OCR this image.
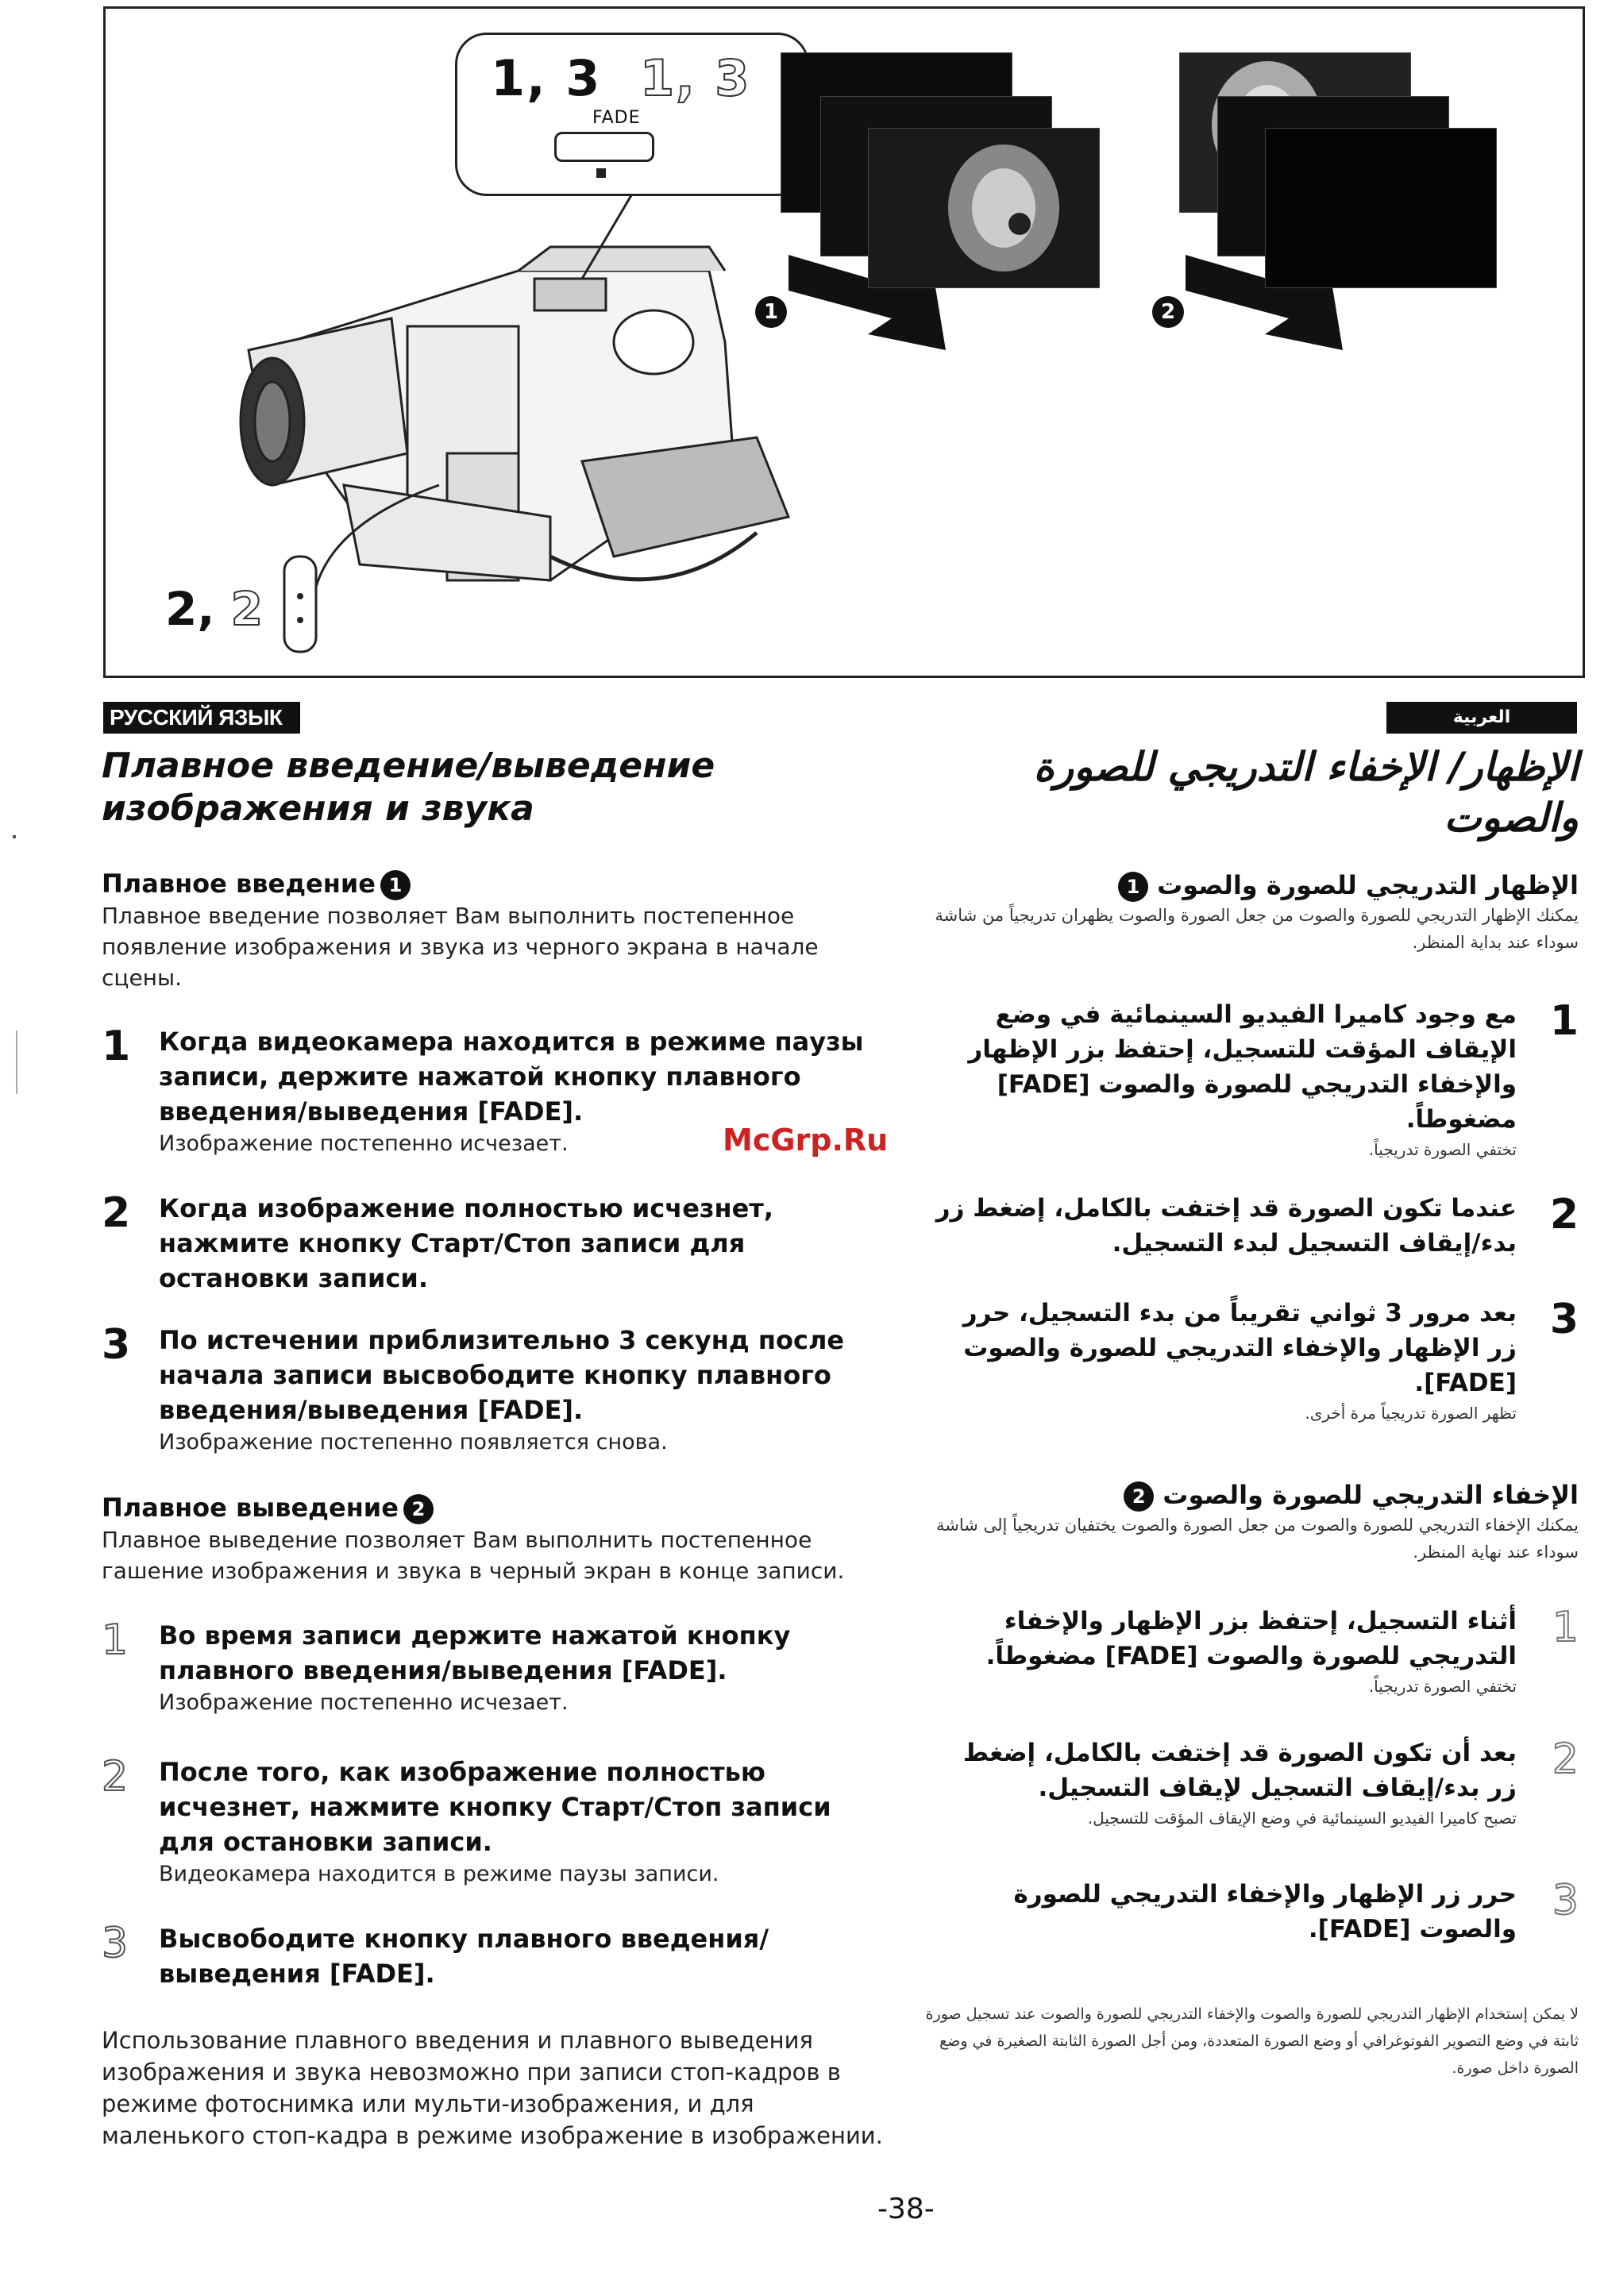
1, 3 1, 3
FADE
2, 2
1	2
РУССКИЙ ЯЗЫК	العربية
Плавное введение/выведение
изображения и звука
Плавное введение 1
Плавное введение позволяет Вам выполнить постепенное появление изображения и звука из черного экрана в начале сцены.
1 Когда видеокамера находится в режиме паузы записи, держите нажатой кнопку плавного введения/выведения [FADE].
Изображение постепенно исчезает.
2 Когда изображение полностью исчезнет, нажмите кнопку Старт/Стоп записи для остановки записи.
3 По истечении приблизительно 3 секунд после начала записи высвободите кнопку плавного введения/выведения [FADE].
Изображение постепенно появляется снова.
Плавное выведение 2
Плавное выведение позволяет Вам выполнить постепенное гашение изображения и звука в черный экран в конце записи.
1 Во время записи держите нажатой кнопку плавного введения/выведения [FADE].
Изображение постепенно исчезает.
2 После того, как изображение полностью исчезнет, нажмите кнопку Старт/Стоп записи для остановки записи.
Видеокамера находится в режиме паузы записи.
3 Высвободите кнопку плавного введения/ выведения [FADE].
Использование плавного введения и плавного выведения изображения и звука невозможно при записи стоп-кадров в режиме фотоснимка или мульти-изображения, и для маленького стоп-кадра в режиме изображение в изображении.
الإظهار/ الإخفاء التدريجي للصورة
والصوت
الإظهار التدريجي للصورة والصوت 1
يمكنك الإظهار التدريجي للصورة والصوت من جعل الصورة والصوت يظهران تدريجياً من شاشة سوداء عند بداية المنظر.
1
مع وجود كاميرا الفيديو السينمائية في وضع الإيقاف المؤقت للتسجيل، إحتفظ بزر الإظهار والإخفاء التدريجي للصورة والصوت [FADE] مضغوطاً.
تختفي الصورة تدريجياً.
2
عندما تكون الصورة قد إختفت بالكامل، إضغط زر بدء/إيقاف التسجيل لبدء التسجيل.
3
بعد مرور 3 ثواني تقريباً من بدء التسجيل، حرر زر الإظهار والإخفاء التدريجي للصورة والصوت [FADE].
تظهر الصورة تدريجياً مرة أخرى.
الإخفاء التدريجي للصورة والصوت 2
يمكنك الإخفاء التدريجي للصورة والصوت من جعل الصورة والصوت يختفيان تدريجياً إلى شاشة سوداء عند نهاية المنظر.
1
أثناء التسجيل، إحتفظ بزر الإظهار والإخفاء التدريجي للصورة والصوت [FADE] مضغوطاً.
تختفي الصورة تدريجياً.
2
بعد أن تكون الصورة قد إختفت بالكامل، إضغط زر بدء/إيقاف التسجيل لإيقاف التسجيل.
تصبح كاميرا الفيديو السينمائية في وضع الإيقاف المؤقت للتسجيل.
3
حرر زر الإظهار والإخفاء التدريجي للصورة والصوت [FADE].
لا يمكن إستخدام الإظهار التدريجي للصورة والصوت والإخفاء التدريجي للصورة والصوت عند تسجيل صورة ثابتة في وضع التصوير الفوتوغرافي أو وضع الصورة المتعددة، ومن أجل الصورة الثابتة الصغيرة في وضع الصورة داخل صورة.
McGrp.Ru
-38-
